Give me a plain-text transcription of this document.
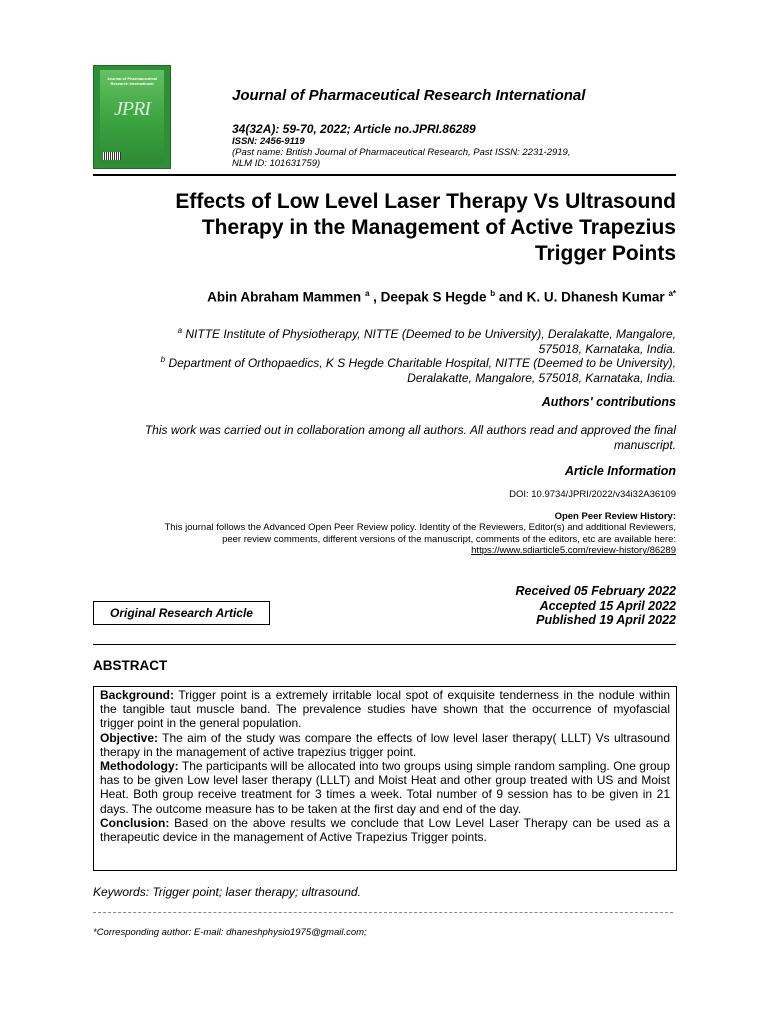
Journal of Pharmaceutical Research International
JPRI
Journal of Pharmaceutical Research International
34(32A): 59-70, 2022; Article no.JPRI.86289
ISSN: 2456-9119
(Past name: British Journal of Pharmaceutical Research, Past ISSN: 2231-2919,
NLM ID: 101631759)
Effects of Low Level Laser Therapy Vs Ultrasound
Therapy in the Management of Active Trapezius
Trigger Points
Abin Abraham Mammen $^a$ , Deepak S Hegde $^b$ and K. U. Dhanesh Kumar $^{a*}$
$^a$ NITTE Institute of Physiotherapy, NITTE (Deemed to be University), Deralakatte, Mangalore,
575018, Karnataka, India.
$^b$ Department of Orthopaedics, K S Hegde Charitable Hospital, NITTE (Deemed to be University),
Deralakatte, Mangalore, 575018, Karnataka, India.
Authors' contributions
This work was carried out in collaboration among all authors. All authors read and approved the final
manuscript.
Article Information
DOI: 10.9734/JPRI/2022/v34i32A36109
Open Peer Review History:
This journal follows the Advanced Open Peer Review policy. Identity of the Reviewers, Editor(s) and additional Reviewers,
peer review comments, different versions of the manuscript, comments of the editors, etc are available here:
https://www.sdiarticle5.com/review-history/86289
Original Research Article
Received 05 February 2022
Accepted 15 April 2022
Published 19 April 2022
ABSTRACT

Background: Trigger point is a extremely irritable local spot of exquisite tenderness in the nodule within the tangible taut muscle band. The prevalence studies have shown that the occurrence of myofascial trigger point in the general population.

Objective: The aim of the study was compare the effects of low level laser therapy( LLLT) Vs ultrasound therapy in the management of active trapezius trigger point.

Methodology: The participants will be allocated into two groups using simple random sampling. One group has to be given Low level laser therapy (LLLT) and Moist Heat and other group treated with US and Moist Heat. Both group receive treatment for 3 times a week. Total number of 9 session has to be given in 21 days. The outcome measure has to be taken at the first day and end of the day.

Conclusion: Based on the above results we conclude that Low Level Laser Therapy can be used as a therapeutic device in the management of Active Trapezius Trigger points.

Keywords: Trigger point; laser therapy; ultrasound.
*Corresponding author: E-mail: dhaneshphysio1975@gmail.com;
